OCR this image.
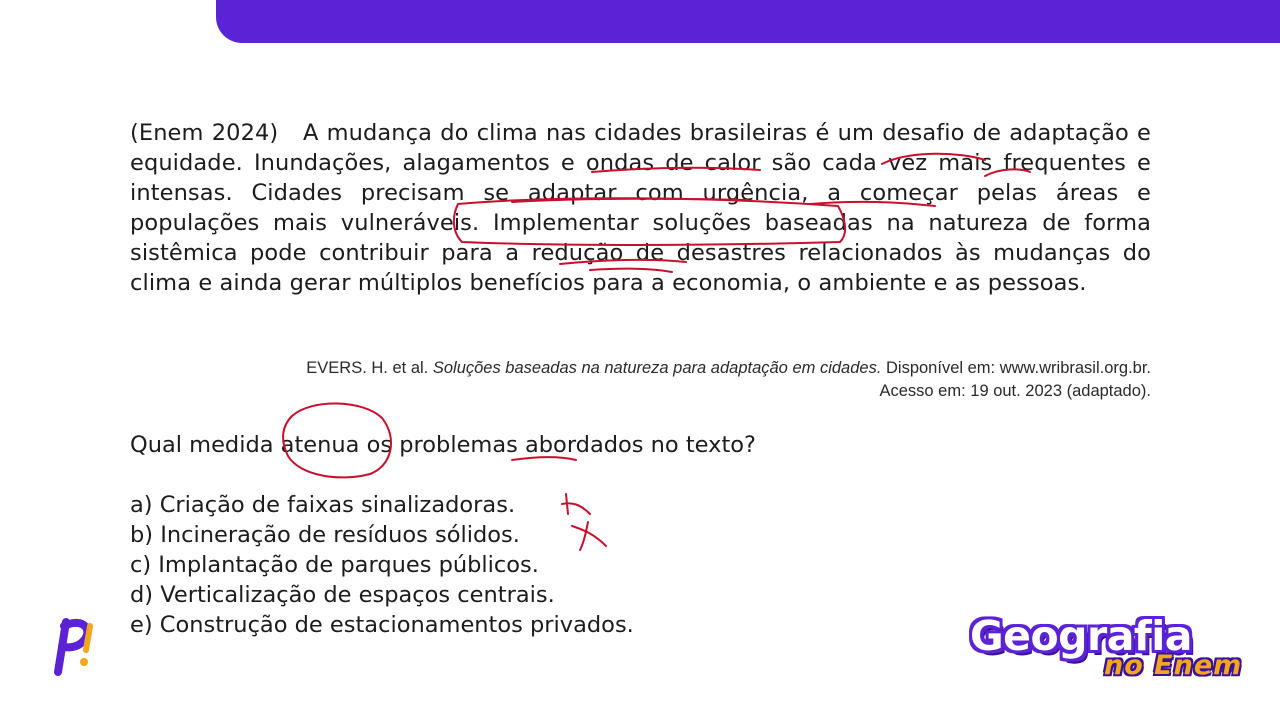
(Enem 2024) A mudança do clima nas cidades brasileiras é um desafio de adaptação e equidade. Inundações, alagamentos e ondas de calor são cada vez mais frequentes e intensas. Cidades precisam se adaptar com urgência, a começar pelas áreas e populações mais vulneráveis. Implementar soluções baseadas na natureza de forma sistêmica pode contribuir para a redução de desastres relacionados às mudanças do clima e ainda gerar múltiplos benefícios para a economia, o ambiente e as pessoas.
EVERS. H. et al. Soluções baseadas na natureza para adaptação em cidades. Disponível em: www.wribrasil.org.br.
Acesso em: 19 out. 2023 (adaptado).
Qual medida atenua os problemas abordados no texto?
a) Criação de faixas sinalizadoras.
b) Incineração de resíduos sólidos.
c) Implantação de parques públicos.
d) Verticalização de espaços centrais.
e) Construção de estacionamentos privados.	Geografia
no Enem
